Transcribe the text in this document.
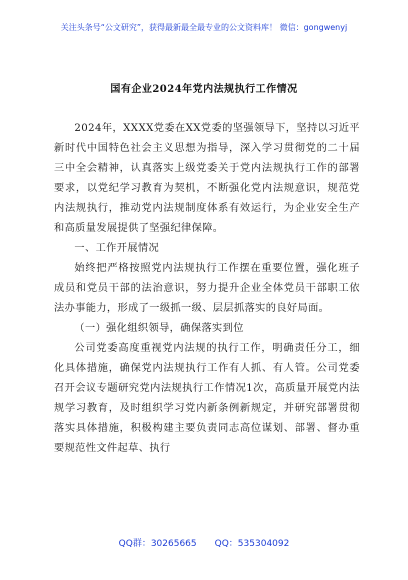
关注头条号“公文研究”，获得最新最全最专业的公文资料库！ 微信：gongwenyj
国有企业2024年党内法规执行工作情况

2024年，XXXX党委在XX党委的坚强领导下，坚持以习近平新时代中国特色社会主义思想为指导，深入学习贯彻党的二十届三中全会精神，认真落实上级党委关于党内法规执行工作的部署要求，以党纪学习教育为契机，不断强化党内法规意识，规范党内法规执行，推动党内法规制度体系有效运行，为企业安全生产和高质量发展提供了坚强纪律保障。

一、工作开展情况

始终把严格按照党内法规执行工作摆在重要位置，强化班子成员和党员干部的法治意识，努力提升企业全体党员干部职工依法办事能力，形成了一级抓一级、层层抓落实的良好局面。

（一）强化组织领导，确保落实到位

公司党委高度重视党内法规的执行工作，明确责任分工，细化具体措施，确保党内法规执行工作有人抓、有人管。公司党委召开会议专题研究党内法规执行工作情况1次，高质量开展党内法规学习教育，及时组织学习党内新条例新规定，并研究部署贯彻落实具体措施，积极构建主要负责同志高位谋划、部署、督办重要规范性文件起草、执行

QQ群：30265665 QQ：535304092
